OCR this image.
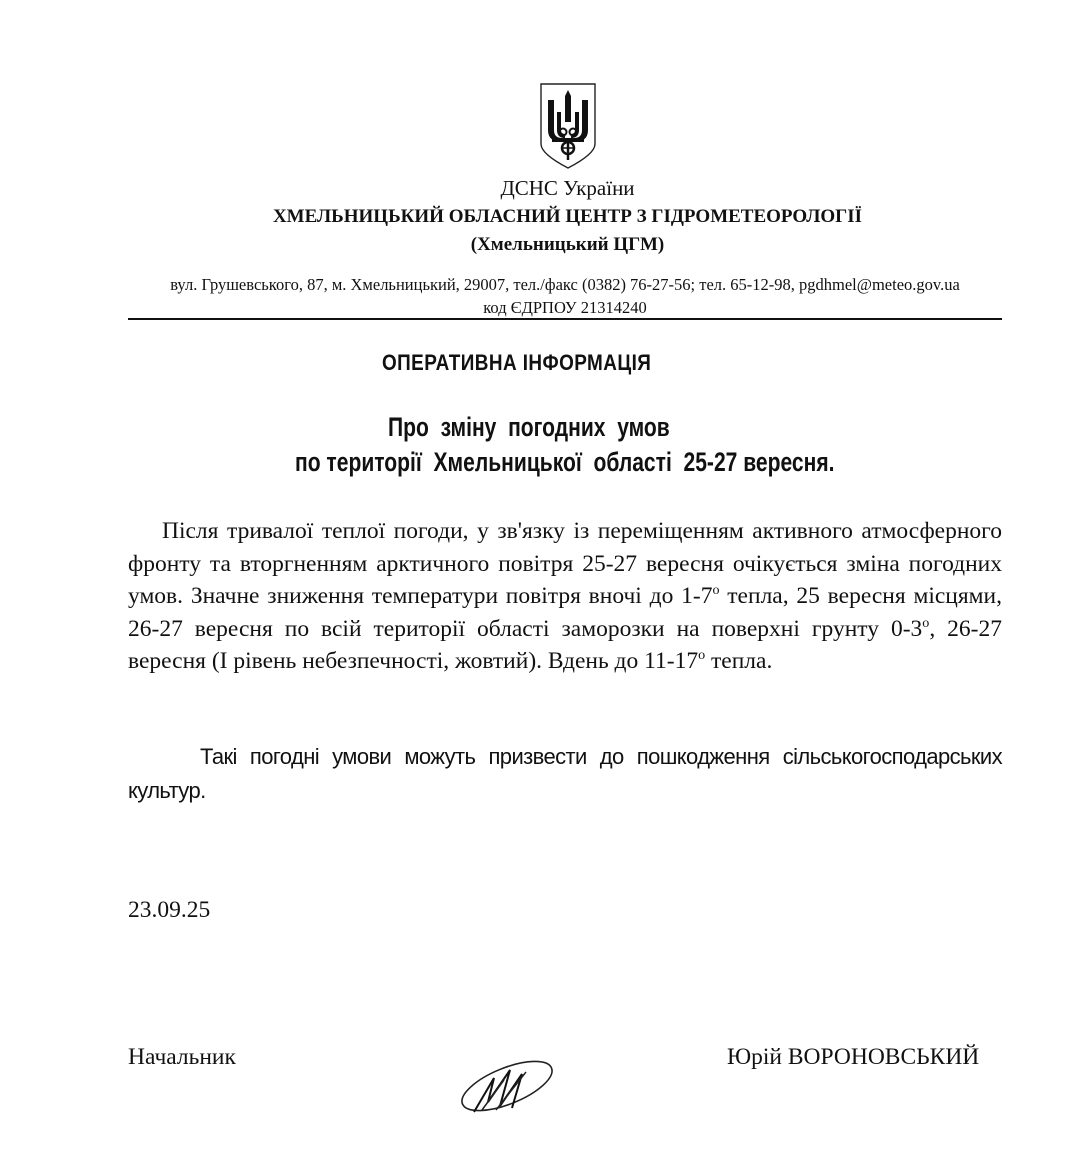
ДСНС України
ХМЕЛЬНИЦЬКИЙ ОБЛАСНИЙ ЦЕНТР З ГІДРОМЕТЕОРОЛОГІЇ
(Хмельницький ЦГМ)
вул. Грушевського, 87, м. Хмельницький, 29007, тел./факс (0382) 76-27-56; тел. 65-12-98, pgdhmel@meteo.gov.ua
код ЄДРПОУ 21314240
ОПЕРАТИВНА ІНФОРМАЦІЯ
Про  зміну  погодних  умов
по території  Хмельницької  області  25-27 вересня.
Після тривалої теплої погоди, у зв'язку із переміщенням активного атмосферного фронту та вторгненням арктичного повітря 25-27 вересня очікується зміна погодних умов. Значне зниження температури повітря вночі до $1-7^о$ тепла, 25 вересня місцями, 26-27 вересня по всій території області заморозки на поверхні грунту $0-3^о$, 26-27 вересня (І рівень небезпечності, жовтий). Вдень до $11-17^о$ тепла.
Такі погодні умови можуть призвести до пошкодження сільськогосподарських культур.
23.09.25
Начальник	Юрій ВОРОНОВСЬКИЙ
